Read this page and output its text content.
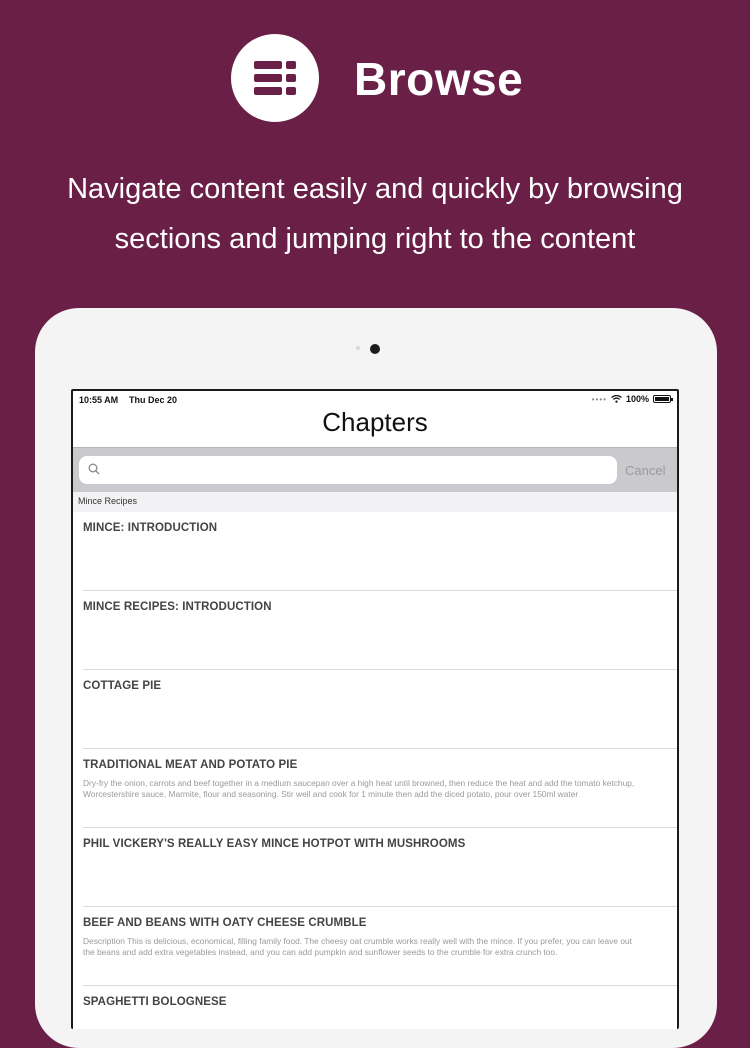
Browse
Navigate content easily and quickly by browsing
sections and jumping right to the content
10:55 AM Thu Dec 20	•••• 100%
Chapters
Cancel
Mince Recipes
MINCE: INTRODUCTION
MINCE RECIPES: INTRODUCTION
COTTAGE PIE
TRADITIONAL MEAT AND POTATO PIE
Dry-fry the onion, carrots and beef together in a medium saucepan over a high heat until browned, then reduce the heat and add the tomato ketchup, Worcestershire sauce, Marmite, flour and seasoning. Stir well and cook for 1 minute then add the diced potato, pour over 150ml water
PHIL VICKERY'S REALLY EASY MINCE HOTPOT WITH MUSHROOMS
BEEF AND BEANS WITH OATY CHEESE CRUMBLE
Description This is delicious, economical, filling family food. The cheesy oat crumble works really well with the mince. If you prefer, you can leave out the beans and add extra vegetables instead, and you can add pumpkin and sunflower seeds to the crumble for extra crunch too.
SPAGHETTI BOLOGNESE
